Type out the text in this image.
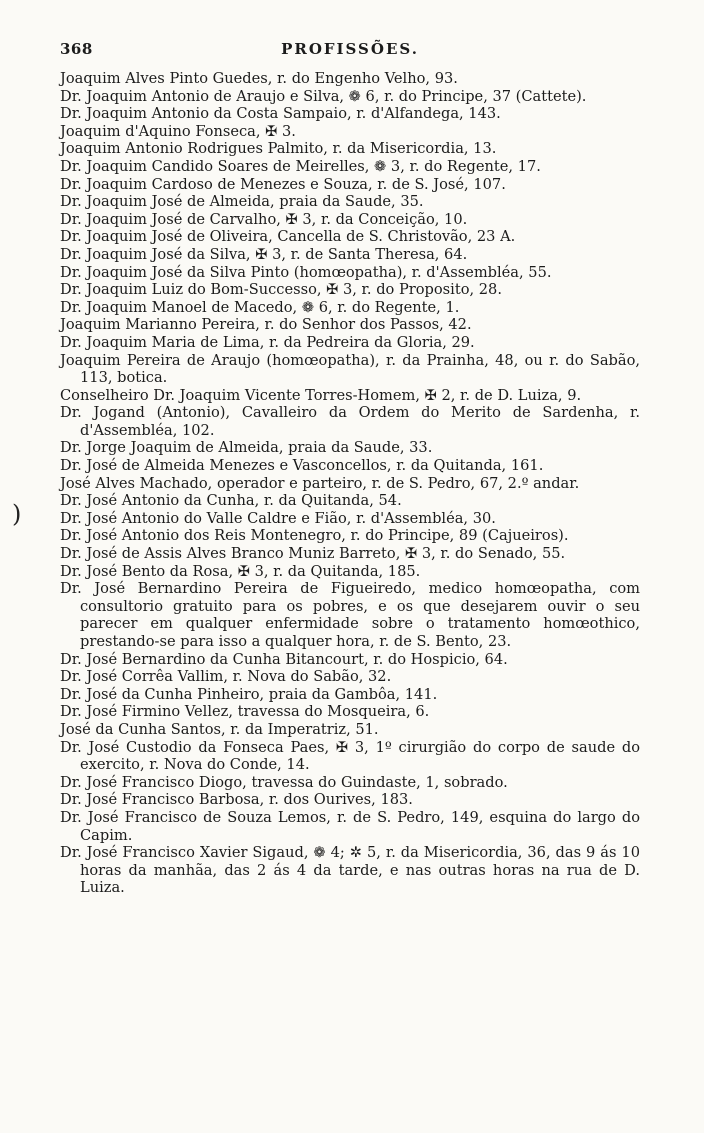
368	PROFISSÕES.
Joaquim Alves Pinto Guedes, r. do Engenho Velho, 93.
Dr. Joaquim Antonio de Araujo e Silva, ❁ 6, r. do Principe, 37 (Cattete).
Dr. Joaquim Antonio da Costa Sampaio, r. d'Alfandega, 143.
Joaquim d'Aquino Fonseca, ✠ 3.
Joaquim Antonio Rodrigues Palmito, r. da Misericordia, 13.
Dr. Joaquim Candido Soares de Meirelles, ❁ 3, r. do Regente, 17.
Dr. Joaquim Cardoso de Menezes e Souza, r. de S. José, 107.
Dr. Joaquim José de Almeida, praia da Saude, 35.
Dr. Joaquim José de Carvalho, ✠ 3, r. da Conceição, 10.
Dr. Joaquim José de Oliveira, Cancella de S. Christovão, 23 A.
Dr. Joaquim José da Silva, ✠ 3, r. de Santa Theresa, 64.
Dr. Joaquim José da Silva Pinto (homœopatha), r. d'Assembléa, 55.
Dr. Joaquim Luiz do Bom-Successo, ✠ 3, r. do Proposito, 28.
Dr. Joaquim Manoel de Macedo, ❁ 6, r. do Regente, 1.
Joaquim Marianno Pereira, r. do Senhor dos Passos, 42.
Dr. Joaquim Maria de Lima, r. da Pedreira da Gloria, 29.
Joaquim Pereira de Araujo (homœopatha), r. da Prainha, 48, ou r. do Sabão, 113, botica.
Conselheiro Dr. Joaquim Vicente Torres-Homem, ✠ 2, r. de D. Luiza, 9.
Dr. Jogand (Antonio), Cavalleiro da Ordem do Merito de Sardenha, r. d'Assembléa, 102.
Dr. Jorge Joaquim de Almeida, praia da Saude, 33.
Dr. José de Almeida Menezes e Vasconcellos, r. da Quitanda, 161.
José Alves Machado, operador e parteiro, r. de S. Pedro, 67, 2.º andar.
Dr. José Antonio da Cunha, r. da Quitanda, 54.
Dr. José Antonio do Valle Caldre e Fião, r. d'Assembléa, 30.
Dr. José Antonio dos Reis Montenegro, r. do Principe, 89 (Cajueiros).
Dr. José de Assis Alves Branco Muniz Barreto, ✠ 3, r. do Senado, 55.
Dr. José Bento da Rosa, ✠ 3, r. da Quitanda, 185.
Dr. José Bernardino Pereira de Figueiredo, medico homœopatha, com consultorio gratuito para os pobres, e os que desejarem ouvir o seu parecer em qualquer enfermidade sobre o tratamento homœothico, prestando-se para isso a qualquer hora, r. de S. Bento, 23.
Dr. José Bernardino da Cunha Bitancourt, r. do Hospicio, 64.
Dr. José Corrêa Vallim, r. Nova do Sabão, 32.
Dr. José da Cunha Pinheiro, praia da Gambôa, 141.
Dr. José Firmino Vellez, travessa do Mosqueira, 6.
José da Cunha Santos, r. da Imperatriz, 51.
Dr. José Custodio da Fonseca Paes, ✠ 3, 1º cirurgião do corpo de saude do exercito, r. Nova do Conde, 14.
Dr. José Francisco Diogo, travessa do Guindaste, 1, sobrado.
Dr. José Francisco Barbosa, r. dos Ourives, 183.
Dr. José Francisco de Souza Lemos, r. de S. Pedro, 149, esquina do largo do Capim.
Dr. José Francisco Xavier Sigaud, ❁ 4; ✲ 5, r. da Misericordia, 36, das 9 ás 10 horas da manhãa, das 2 ás 4 da tarde, e nas outras horas na rua de D. Luiza.
)
